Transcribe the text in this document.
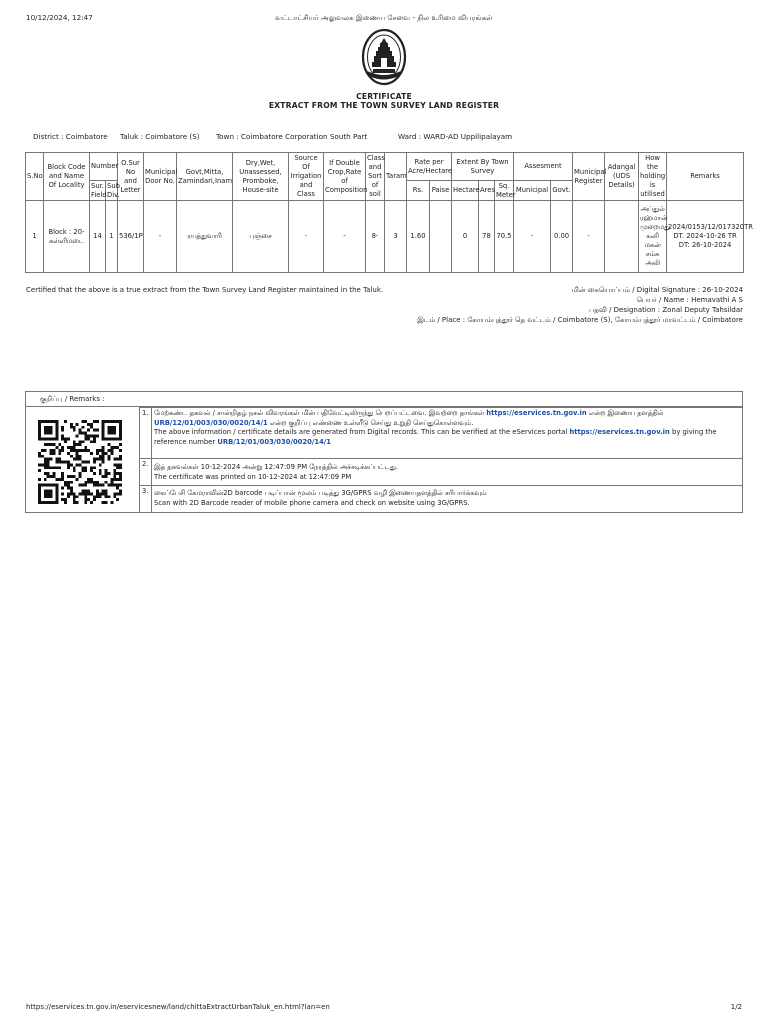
10/12/2024, 12:47	வட்டாட்சியர் அலுவலக இணைய சேவை - நில உரிமை விபரங்கள்
CERTIFICATE
EXTRACT FROM THE TOWN SURVEY LAND REGISTER
District : Coimbatore Taluk : Coimbatore (S) Town : Coimbatore Corporation South Part	Ward : WARD-AD Uppilipalayam
S.No	Block Code and Name Of Locality	Number		O.Sur No and Letter	Municipal Door No.	Govt,Mitta, Zamindari,Inam	Dry,Wet, Unassessed, Promboke, House-site	Source Of Irrigation and Class	If Double Crop,Rate of Composition	Class and Sort of soil	Taram	Rate per Acre/Hectare		Extent By Town Survey			Assesment		Municipal Register	Adangal (UDS Details)	How the holding is utilised	Remarks
		Sur. Field	Sub Div.									Rs.	Paise	Hectare	Ares	Sq. Meter	Municipal	Govt.				
1	Block : 20-கள்ளிமடை	14	1	536/1P	-	ரயத்துவாரி	புஞ்சை	-	-	8-	3	1.60		0	78	70.5	-	0.00	-		அப்துல் ரஹ்மான் முறைமது கனி மகன் சம்சு அலி	2024/0153/12/017320TR DT. 2024-10-26 TR DT: 26-10-2024
Certified that the above is a true extract from the Town Survey Land Register maintained in the Taluk.	மின் கையொப்பம் / Digital Signature : 26-10-2024
பெயர் / Name : Hemavathi A S
பதவி / Designation : Zonal Deputy Tahsildar
இடம் / Place : கோயம்புத்தூர் தெ வட்டம் / Coimbatore (S), கோயம்புத்தூர் மாவட்டம் / Coimbatore
குறிப்பு / Remarks :
1. மேற்கண்ட தகவல் / சான்றிதழ் நகல் விவரங்கள் மின் பதிவேட்டிலிருந்து பெறப்பட்டவை. இவற்றை தாங்கள் https://eservices.tn.gov.in என்ற இணைய தளத்தில் URB/12/01/003/030/0020/14/1 என்ற குறிப்பு எண்ணை உள்ளீடு செய்து உறுதி செய்துகொள்ளவும்.
The above information / certificate details are generated from Digital records. This can be verified at the eServices portal https://eservices.tn.gov.in by giving the reference number URB/12/01/003/030/0020/14/1
2. இத் தகவல்கள் 10-12-2024 அன்று 12:47:09 PM நேரத்தில் அச்சடிக்கப்பட்டது.
The certificate was printed on 10-12-2024 at 12:47:09 PM
3. கைப்பேசி கேமராவின்2D barcode படிப்பான் மூலம் படித்து 3G/GPRS வழி இணையதளத்தில் சரிபார்க்கவும்
Scan with 2D Barcode reader of mobile phone camera and check on website using 3G/GPRS.
https://eservices.tn.gov.in/eservicesnew/land/chittaExtractUrbanTaluk_en.html?lan=en	1/2
